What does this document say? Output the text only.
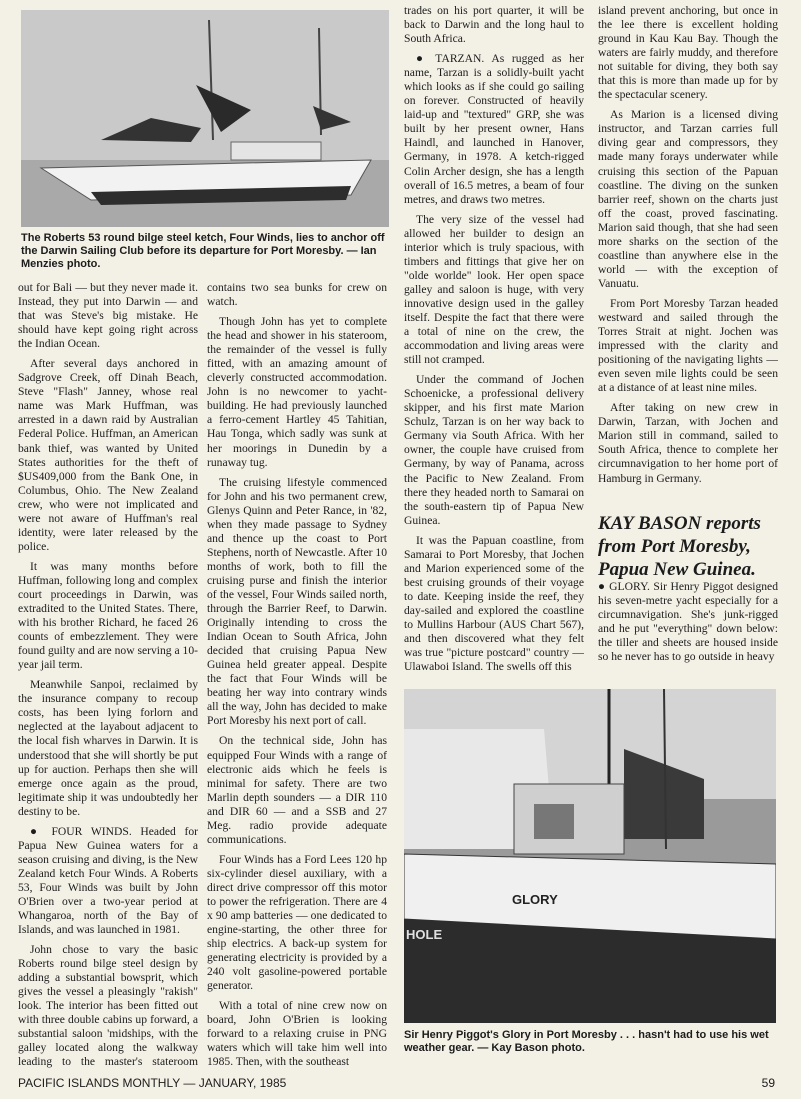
The Roberts 53 round bilge steel ketch, Four Winds, lies to anchor off the Darwin Sailing Club before its departure for Port Moresby. — Ian Menzies photo.

out for Bali — but they never made it. Instead, they put into Darwin — and that was Steve's big mistake. He should have kept going right across the Indian Ocean.

After several days anchored in Sadgrove Creek, off Dinah Beach, Steve "Flash" Janney, whose real name was Mark Huffman, was arrested in a dawn raid by Australian Federal Police. Huffman, an American bank thief, was wanted by United States authorities for the theft of $US409,000 from the Bank One, in Columbus, Ohio. The New Zealand crew, who were not implicated and were not aware of Huffman's real identity, were later released by the police.

It was many months before Huffman, following long and complex court proceedings in Darwin, was extradited to the United States. There, with his brother Richard, he faced 26 counts of embezzlement. They were found guilty and are now serving a 10-year jail term.

Meanwhile Sanpoi, reclaimed by the insurance company to recoup costs, has been lying forlorn and neglected at the layabout adjacent to the local fish wharves in Darwin. It is understood that she will shortly be put up for auction. Perhaps then she will emerge once again as the proud, legitimate ship it was undoubtedly her destiny to be.

● FOUR WINDS. Headed for Papua New Guinea waters for a season cruising and diving, is the New Zealand ketch Four Winds. A Roberts 53, Four Winds was built by John O'Brien over a two-year period at Whangaroa, north of the Bay of Islands, and was launched in 1981.

John chose to vary the basic Roberts round bilge steel design by adding a substantial bowsprit, which gives the vessel a pleasingly "rakish" look. The interior has been fitted out with three double cabins up forward, a substantial saloon 'midships, with the galley located along the walkway leading to the master's stateroom

contains two sea bunks for crew on watch.

Though John has yet to complete the head and shower in his stateroom, the remainder of the vessel is fully fitted, with an amazing amount of cleverly constructed accommodation. John is no newcomer to yacht-building. He had previously launched a ferro-cement Hartley 45 Tahitian, Hau Tonga, which sadly was sunk at her moorings in Dunedin by a runaway tug.

The cruising lifestyle commenced for John and his two permanent crew, Glenys Quinn and Peter Rance, in '82, when they made passage to Sydney and thence up the coast to Port Stephens, north of Newcastle. After 10 months of work, both to fill the cruising purse and finish the interior of the vessel, Four Winds sailed north, through the Barrier Reef, to Darwin. Originally intending to cross the Indian Ocean to South Africa, John decided that cruising Papua New Guinea held greater appeal. Despite the fact that Four Winds will be beating her way into contrary winds all the way, John has decided to make Port Moresby his next port of call.

On the technical side, John has equipped Four Winds with a range of electronic aids which he feels is minimal for safety. There are two Marlin depth sounders — a DIR 110 and DIR 60 — and a SSB and 27 Meg. radio provide adequate communications.

Four Winds has a Ford Lees 120 hp six-cylinder diesel auxiliary, with a direct drive compressor off this motor to power the refrigeration. There are 4 x 90 amp batteries — one dedicated to engine-starting, the other three for ship electrics. A back-up system for generating electricity is provided by a 240 volt gasoline-powered portable generator.

With a total of nine crew now on board, John O'Brien is looking forward to a relaxing cruise in PNG waters which will take him well into 1985. Then, with the southeast

trades on his port quarter, it will be back to Darwin and the long haul to South Africa.

● TARZAN. As rugged as her name, Tarzan is a solidly-built yacht which looks as if she could go sailing on forever. Constructed of heavily laid-up and "textured" GRP, she was built by her present owner, Hans Haindl, and launched in Hanover, Germany, in 1978. A ketch-rigged Colin Archer design, she has a length overall of 16.5 metres, a beam of four metres, and draws two metres.

The very size of the vessel had allowed her builder to design an interior which is truly spacious, with timbers and fittings that give her on "olde worlde" look. Her open space galley and saloon is huge, with very innovative design used in the galley itself. Despite the fact that there were a total of nine on the crew, the accommodation and living areas were still not cramped.

Under the command of Jochen Schoenicke, a professional delivery skipper, and his first mate Marion Schulz, Tarzan is on her way back to Germany via South Africa. With her owner, the couple have cruised from Germany, by way of Panama, across the Pacific to New Zealand. From there they headed north to Samarai on the south-eastern tip of Papua New Guinea.

It was the Papuan coastline, from Samarai to Port Moresby, that Jochen and Marion experienced some of the best cruising grounds of their voyage to date. Keeping inside the reef, they day-sailed and explored the coastline to Mullins Harbour (AUS Chart 567), and then discovered what they felt was true "picture postcard" country — Ulawaboi Island. The swells off this

island prevent anchoring, but once in the lee there is excellent holding ground in Kau Kau Bay. Though the waters are fairly muddy, and therefore not suitable for diving, they both say that this is more than made up for by the spectacular scenery.

As Marion is a licensed diving instructor, and Tarzan carries full diving gear and compressors, they made many forays underwater while cruising this section of the Papuan coastline. The diving on the sunken barrier reef, shown on the charts just off the coast, proved fascinating. Marion said though, that she had seen more sharks on the section of the coastline than anywhere else in the world — with the exception of Vanuatu.

From Port Moresby Tarzan headed westward and sailed through the Torres Strait at night. Jochen was impressed with the clarity and positioning of the navigating lights — even seven mile lights could be seen at a distance of at least nine miles.

After taking on new crew in Darwin, Tarzan, with Jochen and Marion still in command, sailed to South Africa, thence to complete her circumnavigation to her home port of Hamburg in Germany.

KAY BASON reports from Port Moresby, Papua New Guinea.

● GLORY. Sir Henry Piggot designed his seven-metre yacht especially for a circumnavigation. She's junk-rigged and he put "everything" down below: the tiller and sheets are housed inside so he never has to go outside in heavy

GLORY
HOLE
Sir Henry Piggot's Glory in Port Moresby . . . hasn't had to use his wet weather gear. — Kay Bason photo.
PACIFIC ISLANDS MONTHLY — JANUARY, 1985	59
